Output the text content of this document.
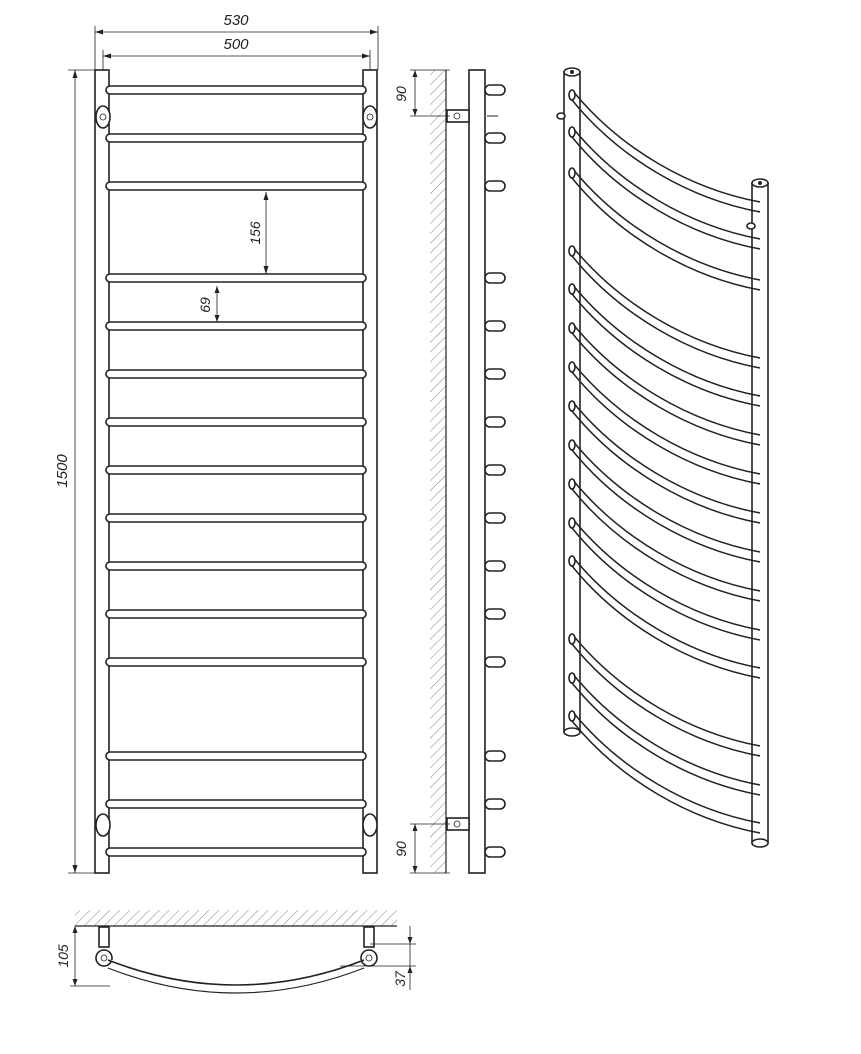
530
500
1500
156
69
90
90
105
37
